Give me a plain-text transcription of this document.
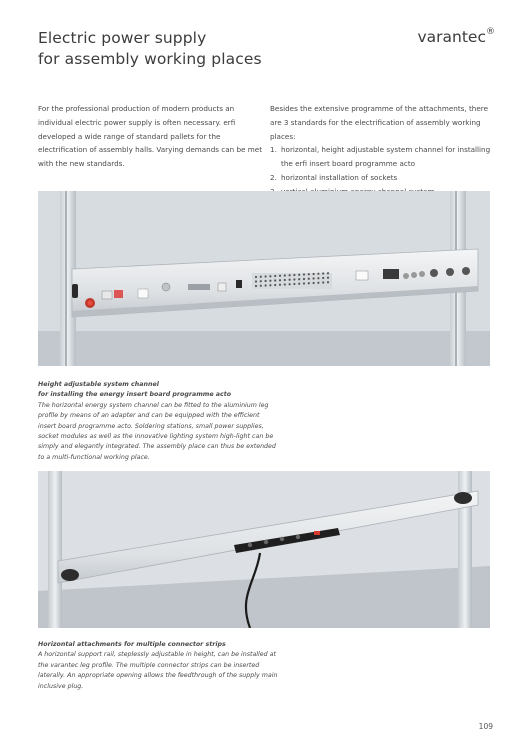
Electric power supply
for assembly working places
varantec®
For the professional production of modern products an individual electric power supply is often necessary. erfi developed a wide range of standard pallets for the electrification of assembly halls. Varying demands can be met with the new standards.
Besides the extensive programme of the attachments, there are 3 standards for the electrification of assembly working places:
1. horizontal, height adjustable system channel for installing the erfi insert board programme acto
2. horizontal installation of sockets
Height adjustable system channel
for installing the energy insert board programme acto
The horizontal energy system channel can be fitted to the aluminium leg profile by means of an adapter and can be equipped with the efficient insert board programme acto. Soldering stations, small power supplies, socket modules as well as the innovative lighting system high-light can be simply and elegantly integrated. The assembly place can thus be extended to a multi-functional working place.
Horizontal attachments for multiple connector strips
A horizontal support rail, steplessly adjustable in height, can be installed at the varantec leg profile. The multiple connector strips can be inserted laterally. An appropriate opening allows the feedthrough of the supply main inclusive plug.
109
